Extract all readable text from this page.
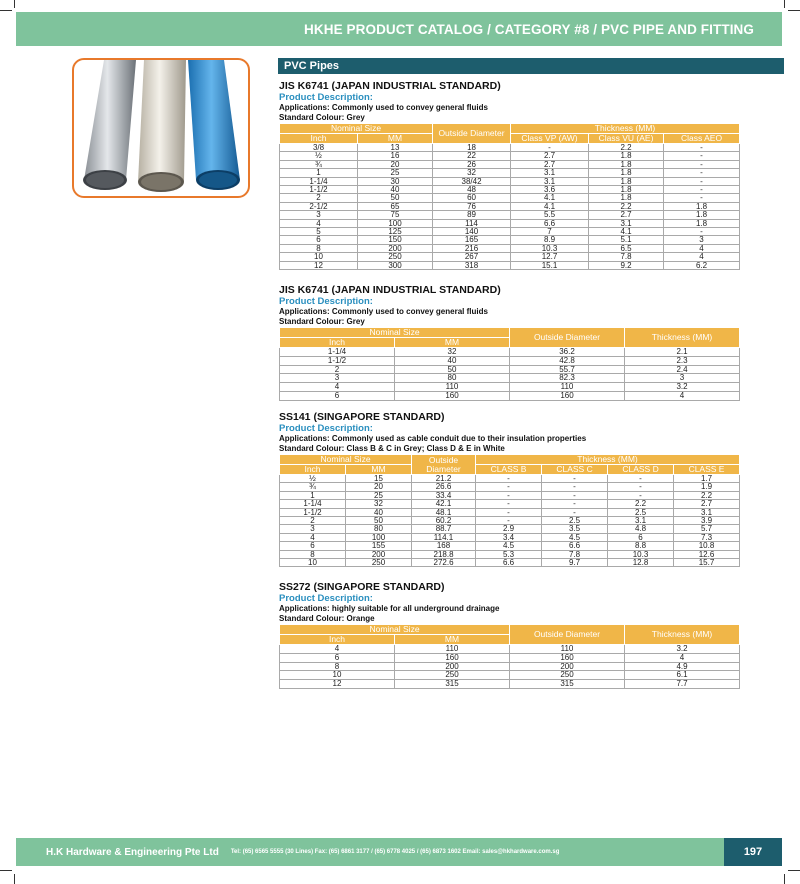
HKHE PRODUCT CATALOG / CATEGORY #8 / PVC PIPE AND FITTING
PVC Pipes
JIS K6741 (JAPAN INDUSTRIAL STANDARD)
Product Description:
Applications: Commonly used to convey general fluids
Standard Colour: Grey
Nominal Size		Outside Diameter	Thickness (MM)		
Inch	MM		Class VP (AW)	Class VU (AE)	Class AEO
3/8	13	18	-	2.2	-
½	16	22	2.7	1.8	-
¾	20	26	2.7	1.8	-
1	25	32	3.1	1.8	-
1-1/4	30	38/42	3.1	1.8	-
1-1/2	40	48	3.6	1.8	-
2	50	60	4.1	1.8	-
2-1/2	65	76	4.1	2.2	1.8
3	75	89	5.5	2.7	1.8
4	100	114	6.6	3.1	1.8
5	125	140	7	4.1	-
6	150	165	8.9	5.1	3
8	200	216	10.3	6.5	4
10	250	267	12.7	7.8	4
12	300	318	15.1	9.2	6.2
JIS K6741 (JAPAN INDUSTRIAL STANDARD)
Product Description:
Applications: Commonly used to convey general fluids
Standard Colour: Grey
Nominal Size		Outside Diameter	Thickness (MM)
Inch	MM		
1-1/4	32	36.2	2.1
1-1/2	40	42.8	2.3
2	50	55.7	2.4
3	80	82.3	3
4	110	110	3.2
6	160	160	4
SS141 (SINGAPORE STANDARD)
Product Description:
Applications: Commonly used as cable conduit due to their insulation properties
Standard Colour: Class B & C in Grey; Class D & E in White
Nominal Size		Outside Diameter	Thickness (MM)			
Inch	MM		CLASS B	CLASS C	CLASS D	CLASS E
½	15	21.2	-	-	-	1.7
¾	20	26.6	-	-	-	1.9
1	25	33.4	-	-	-	2.2
1-1/4	32	42.1	-	-	2.2	2.7
1-1/2	40	48.1	-	-	2.5	3.1
2	50	60.2	-	2.5	3.1	3.9
3	80	88.7	2.9	3.5	4.8	5.7
4	100	114.1	3.4	4.5	6	7.3
6	155	168	4.5	6.6	8.8	10.8
8	200	218.8	5.3	7.8	10.3	12.6
10	250	272.6	6.6	9.7	12.8	15.7
SS272 (SINGAPORE STANDARD)
Product Description:
Applications: highly suitable for all underground drainage
Standard Colour: Orange
Nominal Size		Outside Diameter	Thickness (MM)
Inch	MM		
4	110	110	3.2
6	160	160	4
8	200	200	4.9
10	250	250	6.1
12	315	315	7.7
H.K Hardware & Engineering Pte Ltd Tel: (65) 6565 5555 (30 Lines) Fax: (65) 6861 3177 / (65) 6778 4025 / (65) 6873 1602 Email: sales@hkhardware.com.sg	197
